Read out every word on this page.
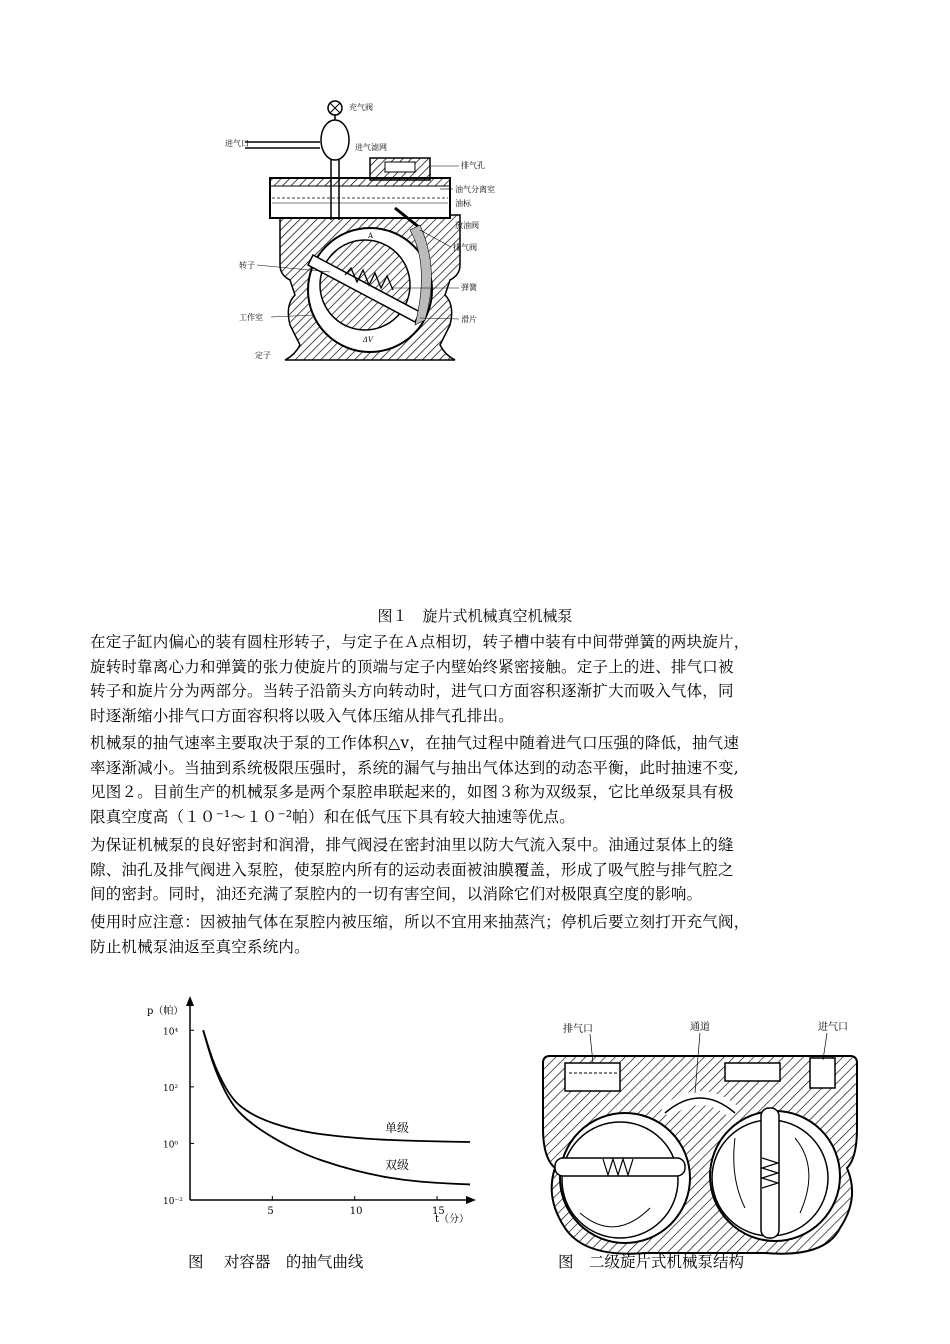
充气阀
进气口	进气滤网
排气孔
油气分离室
油标
放油阀
排气阀
转子
弹簧
工作室	滑片
定子
A
ΔV
图１　旋片式机械真空机械泵
在定子缸内偏心的装有圆柱形转子，与定子在Ａ点相切，转子槽中装有中间带弹簧的两块旋片，
旋转时靠离心力和弹簧的张力使旋片的顶端与定子内壁始终紧密接触。定子上的进、排气口被
转子和旋片分为两部分。当转子沿箭头方向转动时，进气口方面容积逐渐扩大而吸入气体，同
时逐渐缩小排气口方面容积将以吸入气体压缩从排气孔排出。
机械泵的抽气速率主要取决于泵的工作体积△v，在抽气过程中随着进气口压强的降低，抽气速
率逐渐减小。当抽到系统极限压强时，系统的漏气与抽出气体达到的动态平衡，此时抽速不变,
见图２。目前生产的机械泵多是两个泵腔串联起来的，如图３称为双级泵，它比单级泵具有极
限真空度高（１０⁻¹～１０⁻²帕）和在低气压下具有较大抽速等优点。
为保证机械泵的良好密封和润滑，排气阀浸在密封油里以防大气流入泵中。油通过泵体上的缝
隙、油孔及排气阀进入泵腔，使泵腔内所有的运动表面被油膜覆盖，形成了吸气腔与排气腔之
间的密封。同时，油还充满了泵腔内的一切有害空间，以消除它们对极限真空度的影响。
使用时应注意：因被抽气体在泵腔内被压缩，所以不宜用来抽蒸汽；停机后要立刻打开充气阀，
防止机械泵油返至真空系统内。
p（帕）
t（分）
5	10	15
10⁴
10²
10⁰
10⁻²
单级
双级
排气口	通道	进气口
图　 对容器　的抽气曲线	图　二级旋片式机械泵结构
